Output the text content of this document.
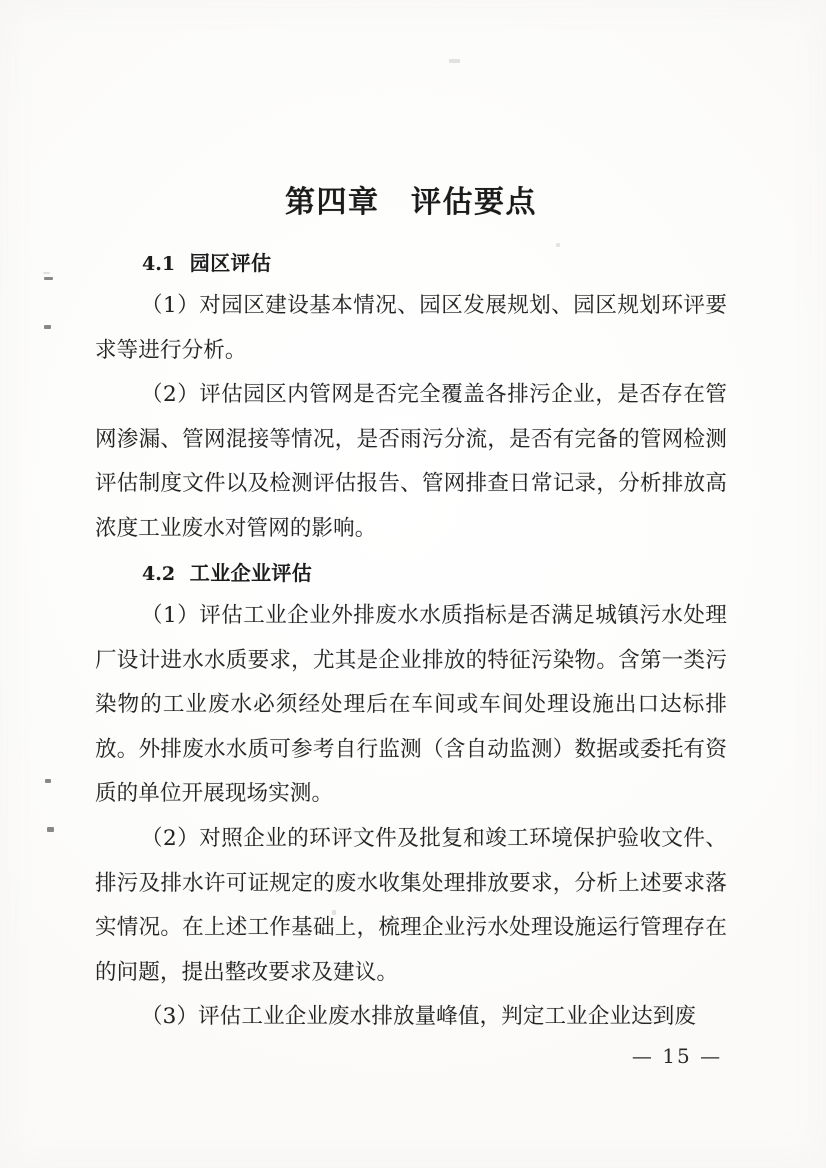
第四章　评估要点
4.1 园区评估

（1）对园区建设基本情况、园区发展规划、园区规划环评要求等进行分析。

（2）评估园区内管网是否完全覆盖各排污企业，是否存在管网渗漏、管网混接等情况，是否雨污分流，是否有完备的管网检测评估制度文件以及检测评估报告、管网排查日常记录，分析排放高浓度工业废水对管网的影响。

4.2 工业企业评估

（1）评估工业企业外排废水水质指标是否满足城镇污水处理厂设计进水水质要求，尤其是企业排放的特征污染物。含第一类污染物的工业废水必须经处理后在车间或车间处理设施出口达标排放。外排废水水质可参考自行监测（含自动监测）数据或委托有资质的单位开展现场实测。

（2）对照企业的环评文件及批复和竣工环境保护验收文件、排污及排水许可证规定的废水收集处理排放要求，分析上述要求落实情况。在上述工作基础上，梳理企业污水处理设施运行管理存在的问题，提出整改要求及建议。

（3）评估工业企业废水排放量峰值，判定工业企业达到废

— 15 —
